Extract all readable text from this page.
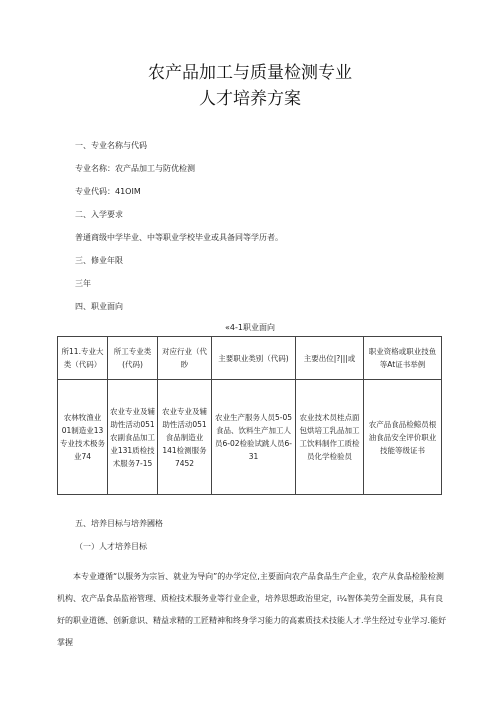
农产品加工与质量检测专业
人才培养方案
一、专业名称与代码
专业名称：农产品加工与防优检测
专业代码：41OIM
二、入学要求
普通商级中学毕业、中等职业学校毕业或具备同等学历者。
三、修业年限
三年
四、职业面向
«4-1职业面向
所11.专业大类（代码）	所工专业类(代码)	对应行业（代眇	主要职业类别（代码)	主要出位|?|||或	职业资格或职业技鱼等At证书举例
农林牧渔业01制造业13专业技术极务业74	农业专业及辅助性活动051农副食品加工业131质检技术服务7-15	农业专业及辅助性活动051食品制造业141检测服务7452	农业生产服务人员5-05食品、饮料生产加工人员6-02检验试跳人员6-31	农业技术员桂点面包烘培工乳品加工工饮料制作工质检员化学检验员	农产品食品检鲸员根油食品安全评价职业技能等级证书
五、培养目标与培养國格
（一）人才培养目标
本专业遵循“以服务为宗旨、就业为导向”的办学定位,主要面向农产品食品生产企业，农产从食品检脸检测机构、农产品食品监裕管理、质检技术服务业等行业企业，培养思想政治里定，i¼智体美劳全面发展，具有良好的职业道德、创新意识、精益求精的工匠精神和终身学习能力的高素质技术技能人才.学生经过专业学习.能好掌握
